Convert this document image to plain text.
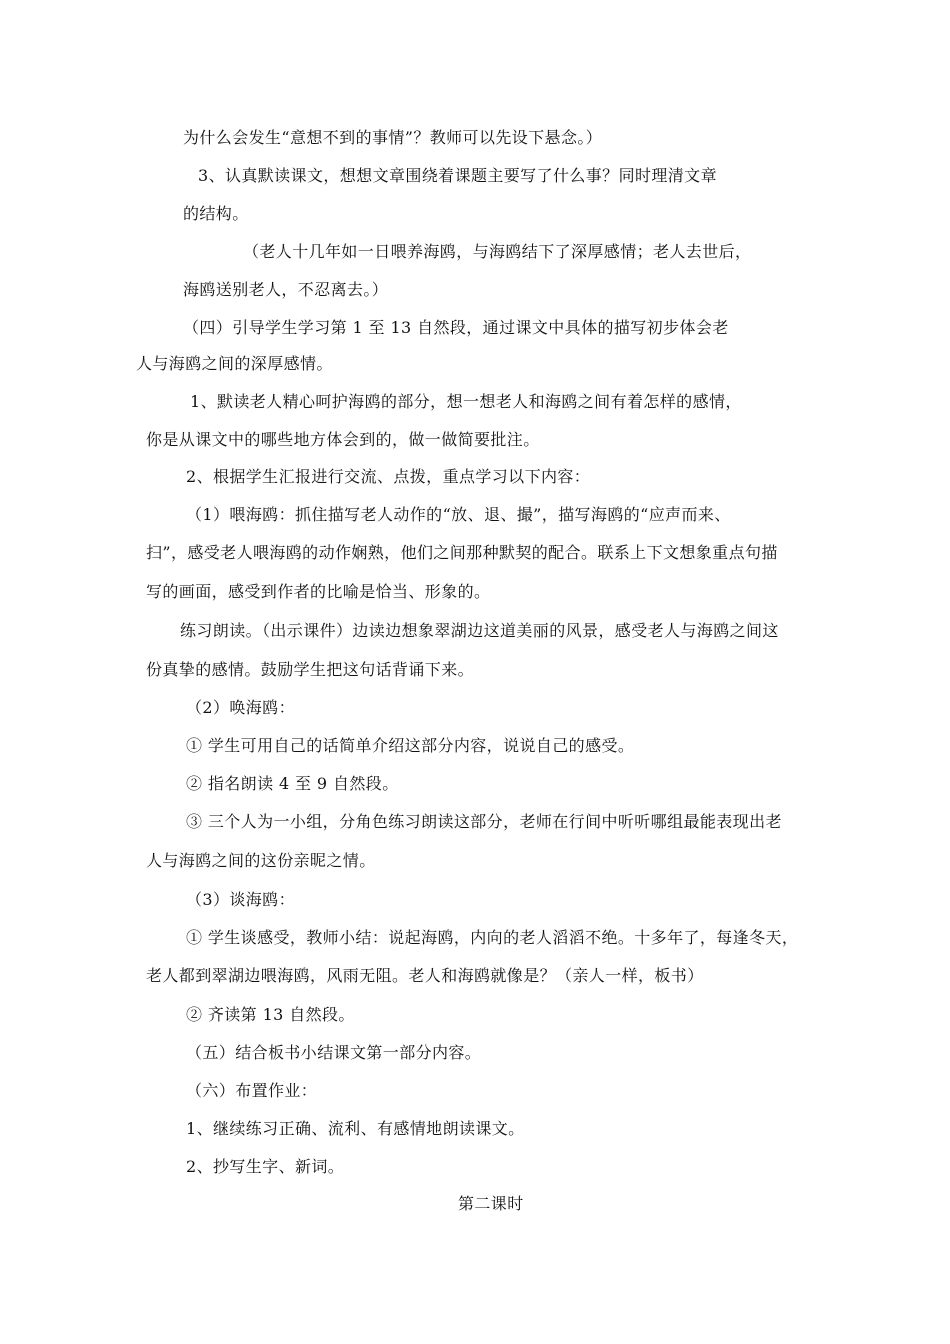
为什么会发生“意想不到的事情”？教师可以先设下悬念。）
3、认真默读课文，想想文章围绕着课题主要写了什么事？同时理清文章
的结构。
（老人十几年如一日喂养海鸥，与海鸥结下了深厚感情；老人去世后，
海鸥送别老人，不忍离去。）
（四）引导学生学习第 1 至 13 自然段，通过课文中具体的描写初步体会老
人与海鸥之间的深厚感情。
1、默读老人精心呵护海鸥的部分，想一想老人和海鸥之间有着怎样的感情，
你是从课文中的哪些地方体会到的，做一做简要批注。
2、根据学生汇报进行交流、点拨，重点学习以下内容：
（1）喂海鸥：抓住描写老人动作的“放、退、撮”，描写海鸥的“应声而来、
扫”，感受老人喂海鸥的动作娴熟，他们之间那种默契的配合。联系上下文想象重点句描
写的画面，感受到作者的比喻是恰当、形象的。
练习朗读。（出示课件）边读边想象翠湖边这道美丽的风景，感受老人与海鸥之间这
份真挚的感情。鼓励学生把这句话背诵下来。
（2）唤海鸥：
① 学生可用自己的话简单介绍这部分内容，说说自己的感受。
② 指名朗读 4 至 9 自然段。
③ 三个人为一小组，分角色练习朗读这部分，老师在行间中听听哪组最能表现出老
人与海鸥之间的这份亲昵之情。
（3）谈海鸥：
① 学生谈感受，教师小结：说起海鸥，内向的老人滔滔不绝。十多年了，每逢冬天，
老人都到翠湖边喂海鸥，风雨无阻。老人和海鸥就像是？（亲人一样，板书）
② 齐读第 13 自然段。
（五）结合板书小结课文第一部分内容。
（六）布置作业：
1、继续练习正确、流利、有感情地朗读课文。
2、抄写生字、新词。
第二课时
